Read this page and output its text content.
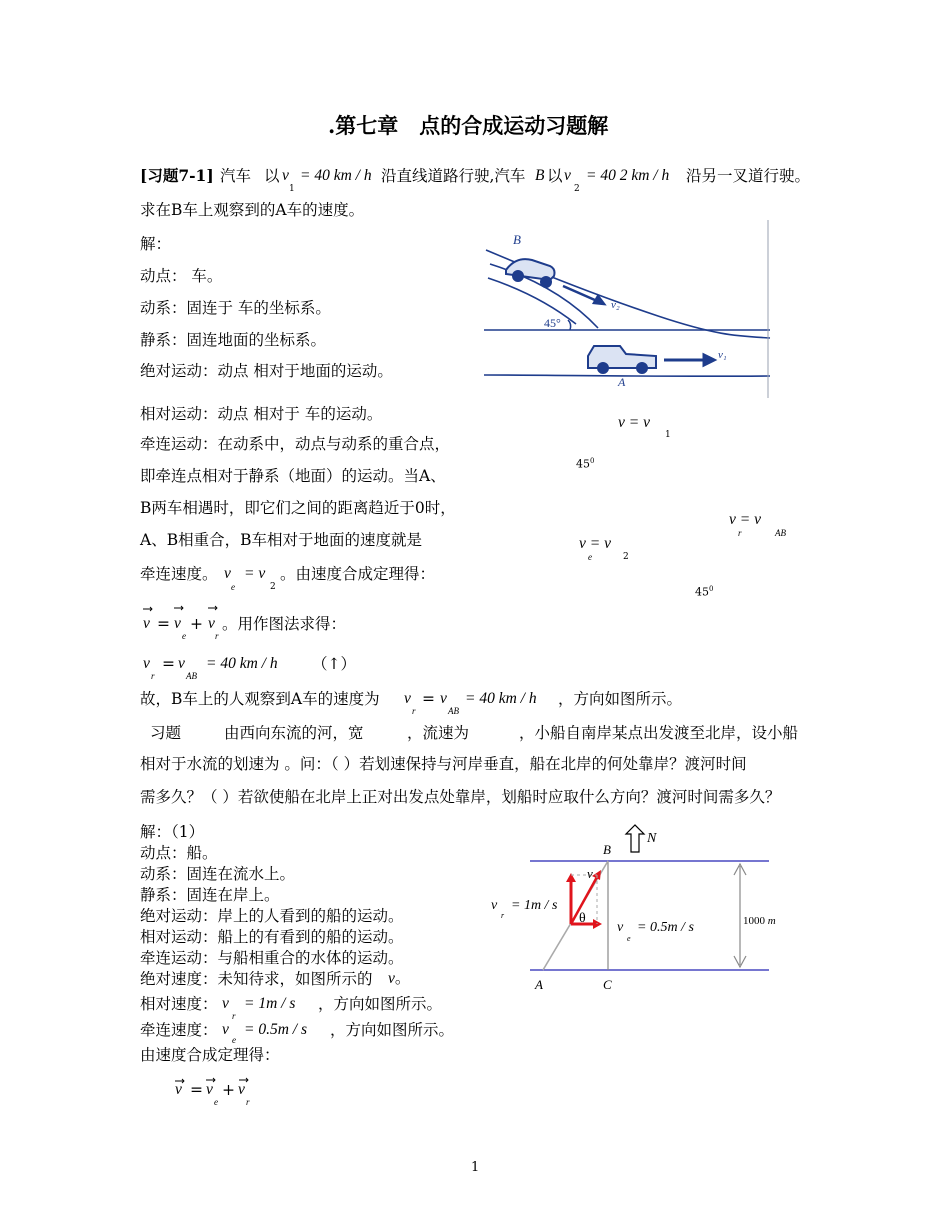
.第七章　点的合成运动习题解
[习题7-1] 汽车 以 v
1
= 40 km / h 沿直线道路行驶,汽车 B 以 v
2
= 40 2 km / h 沿另一叉道行驶。
求在B车上观察到的A车的速度。
解：
动点： 车。
动系：固连于 车的坐标系。
静系：固连地面的坐标系。
绝对运动：动点 相对于地面的运动。
相对运动：动点 相对于 车的运动。
牵连运动：在动系中，动点与动系的重合点，
即牵连点相对于静系（地面）的运动。当A、
B两车相遇时，即它们之间的距离趋近于0时，
A、B相重合，B车相对于地面的速度就是
牵连速度。 v
e
= v
2
。由速度合成定理得：
v = v
e
+ v
r
。用作图法求得：
v
r
= v
AB
= 40 km / h （↑）
故，B车上的人观察到A车的速度为 v
r
= v
AB
= 40 km / h ，方向如图所示。
B
v₂
45°
v₁
A
v = v
1
$45^0$
v = v
r	AB
v = v
e	2
$45^0$
习题	由西向东流的河，宽	，流速为	，小船自南岸某点出发渡至北岸，设小船
相对于水流的划速为 。问：（ ）若划速保持与河岸垂直，船在北岸的何处靠岸？渡河时间
需多久？（ ）若欲使船在北岸上正对出发点处靠岸，划船时应取什么方向？渡河时间需多久？
解：（1）
动点：船。
动系：固连在流水上。
静系：固连在岸上。
绝对运动：岸上的人看到的船的运动。
相对运动：船上的有看到的船的运动。
牵连运动：与船相重合的水体的运动。
绝对速度：未知待求，如图所示的 v。
相对速度： v
r
= 1m / s ，方向如图所示。
牵连速度： v
e
= 0.5m / s ，方向如图所示。
由速度合成定理得：
v = v
e
+ v
r
N
B
1000 m
v
θ
v
r
= 1m / s
v
e
= 0.5m / s
A	C
1
